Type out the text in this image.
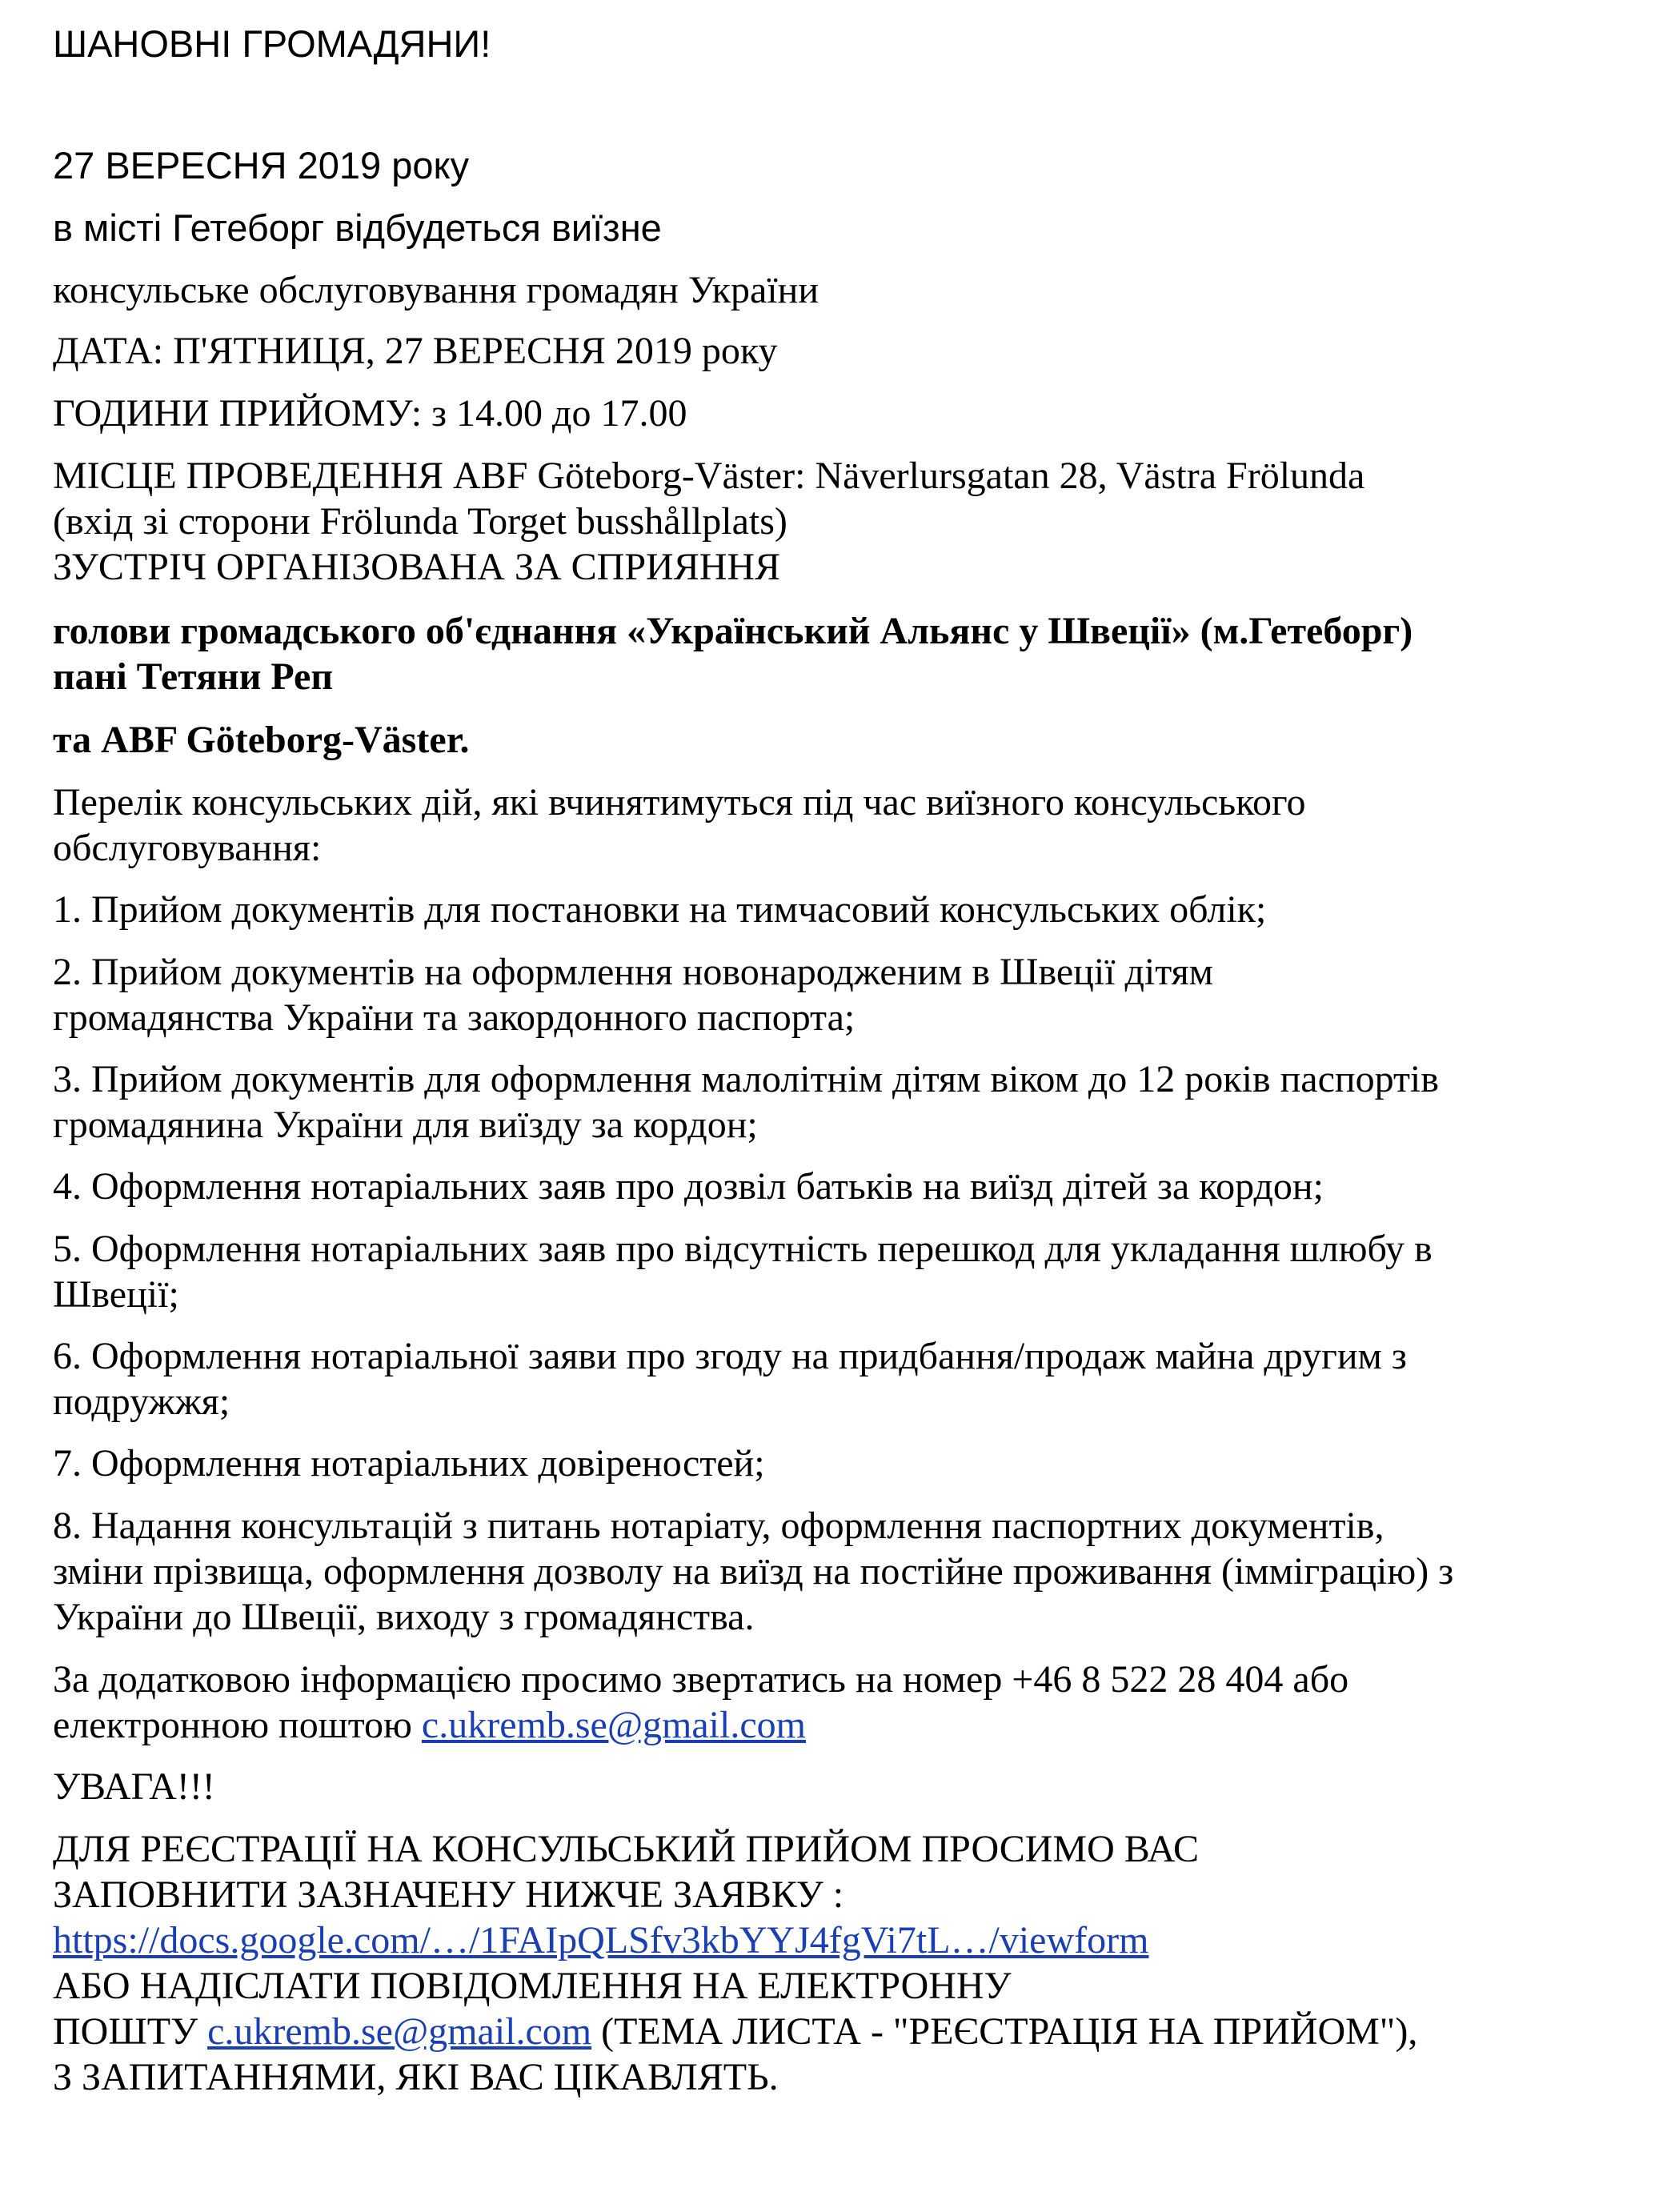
ШАНОВНІ ГРОМАДЯНИ!

27 ВЕРЕСНЯ 2019 року

в місті Гетеборг відбудеться виїзне

консульське обслуговування громадян України

ДАТА: П'ЯТНИЦЯ, 27 ВЕРЕСНЯ 2019 року

ГОДИНИ ПРИЙОМУ: з 14.00 до 17.00

МІСЦЕ ПРОВЕДЕННЯ ABF Göteborg-Väster: Näverlursgatan 28, Västra Frölunda
(вхід зі сторони Frölunda Torget busshållplats)
ЗУСТРІЧ ОРГАНІЗОВАНА ЗА СПРИЯННЯ
голови громадського об'єднання «Український Альянс у Швеції» (м.Гетеборг)
пані Тетяни Реп

та ABF Göteborg-Väster.

Перелік консульських дій, які вчинятимуться під час виїзного консульського
обслуговування:

1. Прийом документів для постановки на тимчасовий консульських облік;

2. Прийом документів на оформлення новонародженим в Швеції дітям
громадянства України та закордонного паспорта;
3. Прийом документів для оформлення малолітнім дітям віком до 12 років паспортів
громадянина України для виїзду за кордон;

4. Оформлення нотаріальних заяв про дозвіл батьків на виїзд дітей за кордон;

5. Оформлення нотаріальних заяв про відсутність перешкод для укладання шлюбу в
Швеції;
6. Оформлення нотаріальної заяви про згоду на придбання/продаж майна другим з
подружжя;

7. Оформлення нотаріальних довіреностей;

8. Надання консультацій з питань нотаріату, оформлення паспортних документів,
зміни прізвища, оформлення дозволу на виїзд на постійне проживання (імміграцію) з
України до Швеції, виходу з громадянства.
За додатковою інформацією просимо звертатись на номер +46 8 522 28 404 або
електронною поштою c.ukremb.se@gmail.com

УВАГА!!!

ДЛЯ РЕЄСТРАЦІЇ НА КОНСУЛЬСЬКИЙ ПРИЙОМ ПРОСИМО ВАС
ЗАПОВНИТИ ЗАЗНАЧЕНУ НИЖЧЕ ЗАЯВКУ :
https://docs.google.com/…/1FAIpQLSfv3kbYYJ4fgVi7tL…/viewform
АБО НАДІСЛАТИ ПОВІДОМЛЕННЯ НА ЕЛЕКТРОННУ
ПОШТУ c.ukremb.se@gmail.com (ТЕМА ЛИСТА - "РЕЄСТРАЦІЯ НА ПРИЙОМ"),
З ЗАПИТАННЯМИ, ЯКІ ВАС ЦІКАВЛЯТЬ.
